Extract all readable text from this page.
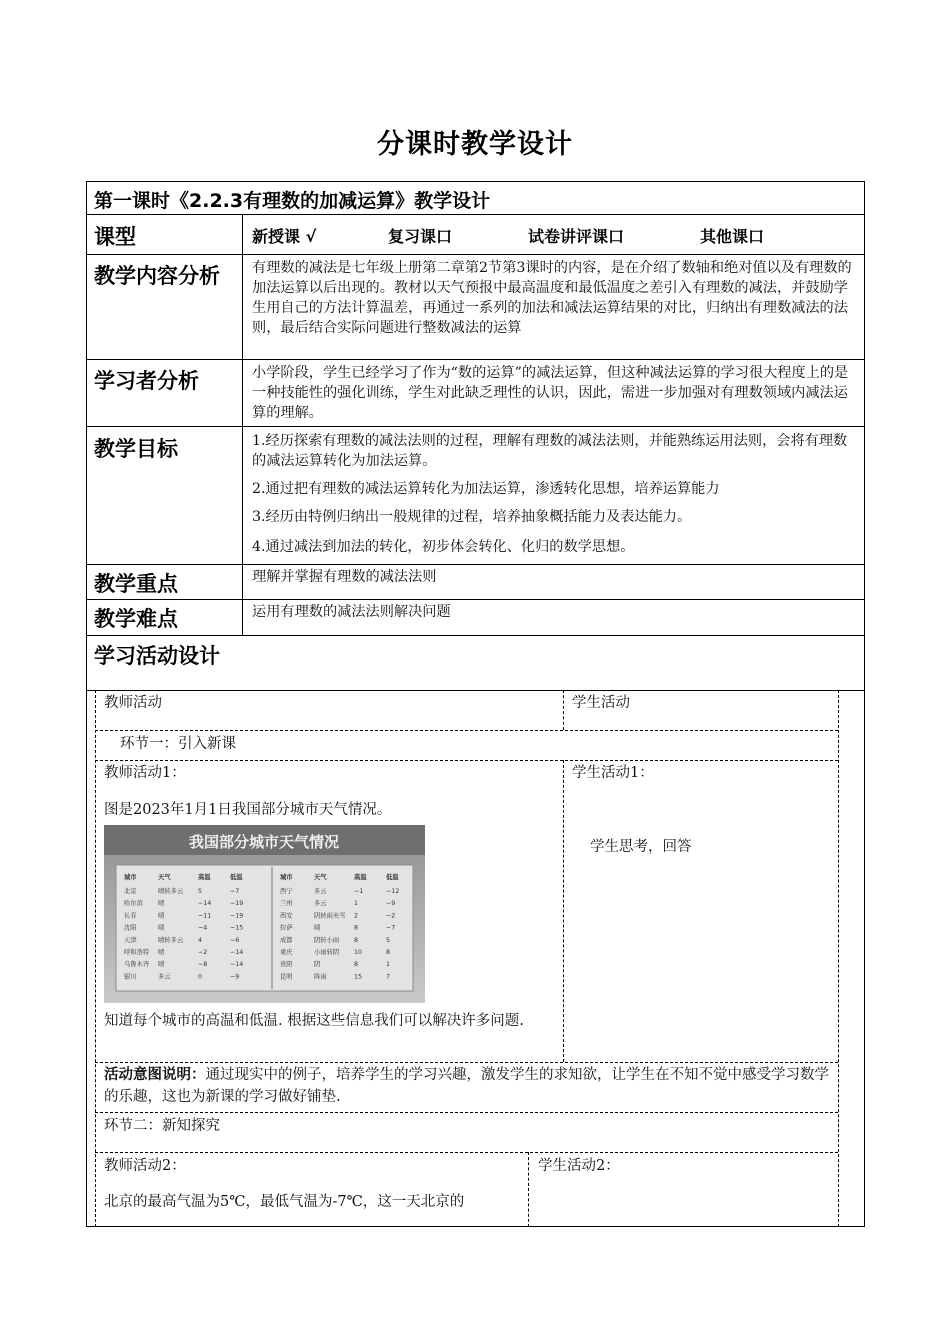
分课时教学设计
第一课时《2.2.3有理数的加减运算》教学设计
课型	新授课 √	复习课口	试卷讲评课口	其他课口
教学内容分析 有理数的减法是七年级上册第二章第2节第3课时的内容，是在介绍了数轴和绝对值以及有理数的加法运算以后出现的。教材以天气预报中最高温度和最低温度之差引入有理数的减法，并鼓励学生用自己的方法计算温差，再通过一系列的加法和减法运算结果的对比，归纳出有理数减法的法则，最后结合实际问题进行整数减法的运算
学习者分析	小学阶段，学生已经学习了作为“数的运算”的减法运算，但这种减法运算的学习很大程度上的是一种技能性的强化训练，学生对此缺乏理性的认识，因此，需进一步加强对有理数领域内减法运算的理解。
教学目标	1.经历探索有理数的减法法则的过程，理解有理数的减法法则，并能熟练运用法则，会将有理数的减法运算转化为加法运算。
2.通过把有理数的减法运算转化为加法运算，渗透转化思想，培养运算能力
3.经历由特例归纳出一般规律的过程，培养抽象概括能力及表达能力。
4.通过减法到加法的转化，初步体会转化、化归的数学思想。
教学重点	理解并掌握有理数的减法法则
教学难点	运用有理数的减法法则解决问题
学习活动设计
教师活动	学生活动
环节一：引入新课
教师活动1：
图是2023年1月1日我国部分城市天气情况。
我国部分城市天气情况
城市	天气	高温	低温
北京	晴转多云 5	−7
哈尔滨 晴	−14	−19
长春	晴	−11	−19
沈阳	晴	−4	−15
天津	晴转多云 4	−6
呼和浩特 晴	−2	−14
乌鲁木齐 晴	−8	−14
银川	多云	0	−9
城市	天气	高温	低温
西宁	多云	−1	−12
兰州	多云	1	−9
西安	阴转雨夹雪 2	−2
拉萨	晴	8	−7
成都	阴转小雨 8	5
重庆	小雨转阴 10	8
贵阳	阴	8	1
昆明	阵雨	15	7
知道每个城市的高温和低温. 根据这些信息我们可以解决许多问题.
学生活动1：
学生思考，回答
活动意图说明：通过现实中的例子，培养学生的学习兴趣，激发学生的求知欲，让学生在不知不觉中感受学习数学的乐趣，这也为新课的学习做好铺垫.
环节二：新知探究
教师活动2：
北京的最高气温为5℃，最低气温为-7℃，这一天北京的
学生活动2：
